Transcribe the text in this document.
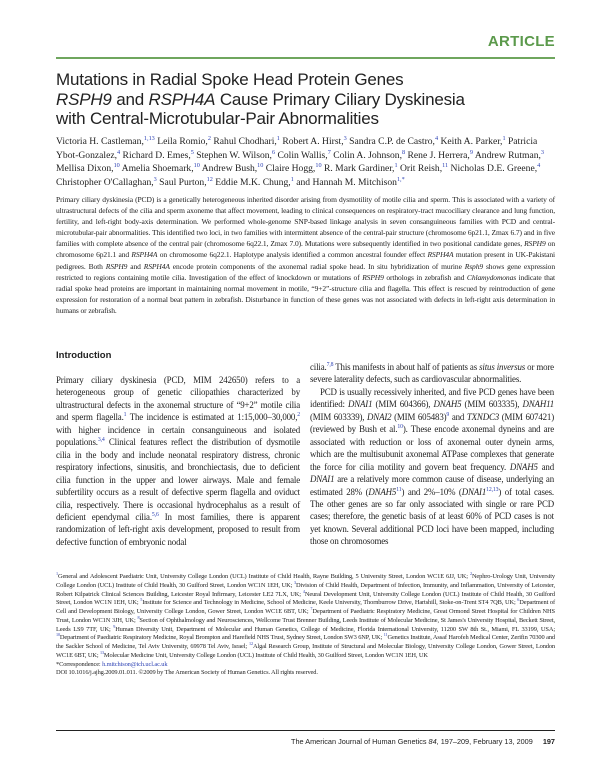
ARTICLE
Mutations in Radial Spoke Head Protein Genes
RSPH9 and RSPH4A Cause Primary Ciliary Dyskinesia
with Central-Microtubular-Pair Abnormalities
Victoria H. Castleman,$^{1,13}$ Leila Romio,$^2$ Rahul Chodhari,$^1$ Robert A. Hirst,$^3$ Sandra C.P. de Castro,$^4$ Keith A. Parker,$^1$ Patricia Ybot-Gonzalez,$^4$ Richard D. Emes,$^5$ Stephen W. Wilson,$^6$ Colin Wallis,$^7$ Colin A. Johnson,$^8$ Rene J. Herrera,$^9$ Andrew Rutman,$^3$ Mellisa Dixon,$^{10}$ Amelia Shoemark,$^{10}$ Andrew Bush,$^{10}$ Claire Hogg,$^{10}$ R. Mark Gardiner,$^1$ Orit Reish,$^{11}$ Nicholas D.E. Greene,$^4$ Christopher O'Callaghan,$^3$ Saul Purton,$^{12}$ Eddie M.K. Chung,$^1$ and Hannah M. Mitchison$^{1,*}$
Primary ciliary dyskinesia (PCD) is a genetically heterogeneous inherited disorder arising from dysmotility of motile cilia and sperm. This is associated with a variety of ultrastructural defects of the cilia and sperm axoneme that affect movement, leading to clinical consequences on respiratory-tract mucociliary clearance and lung function, fertility, and left-right body-axis determination. We performed whole-genome SNP-based linkage analysis in seven consanguineous families with PCD and central-microtubular-pair abnormalities. This identified two loci, in two families with intermittent absence of the central-pair structure (chromosome 6p21.1, Zmax 6.7) and in five families with complete absence of the central pair (chromosome 6q22.1, Zmax 7.0). Mutations were subsequently identified in two positional candidate genes, RSPH9 on chromosome 6p21.1 and RSPH4A on chromosome 6q22.1. Haplotype analysis identified a common ancestral founder effect RSPH4A mutation present in UK-Pakistani pedigrees. Both RSPH9 and RSPH4A encode protein components of the axonemal radial spoke head. In situ hybridization of murine Rsph9 shows gene expression restricted to regions containing motile cilia. Investigation of the effect of knockdown or mutations of RSPH9 orthologs in zebrafish and Chlamydomonas indicate that radial spoke head proteins are important in maintaining normal movement in motile, “9+2”-structure cilia and flagella. This effect is rescued by reintroduction of gene expression for restoration of a normal beat pattern in zebrafish. Disturbance in function of these genes was not associated with defects in left-right axis determination in humans or zebrafish.
Introduction

Primary ciliary dyskinesia (PCD, MIM 242650) refers to a heterogeneous group of genetic ciliopathies characterized by ultrastructural defects in the axonemal structure of “9+2” motile cilia and sperm flagella.$^1$ The incidence is estimated at 1:15,000–30,000,$^2$ with higher incidence in certain consanguineous and isolated populations.$^{3,4}$ Clinical features reflect the distribution of dysmotile cilia in the body and include neonatal respiratory distress, chronic respiratory infections, sinusitis, and bronchiectasis, due to deficient cilia function in the upper and lower airways. Male and female subfertility occurs as a result of defective sperm flagella and oviduct cilia, respectively. There is occasional hydrocephalus as a result of deficient ependymal cilia.$^{5,6}$ In most families, there is apparent randomization of left-right axis development, proposed to result from defective function of embryonic nodal

cilia.$^{7,8}$ This manifests in about half of patients as situs inversus or more severe laterality defects, such as cardiovascular abnormalities.

PCD is usually recessively inherited, and five PCD genes have been identified: DNAI1 (MIM 604366), DNAH5 (MIM 603335), DNAH11 (MIM 603339), DNAI2 (MIM 605483)$^9$ and TXNDC3 (MIM 607421) (reviewed by Bush et al.$^{10}$). These encode axonemal dyneins and are associated with reduction or loss of axonemal outer dynein arms, which are the multisubunit axonemal ATPase complexes that generate the force for cilia motility and govern beat frequency. DNAH5 and DNAI1 are a relatively more common cause of disease, underlying an estimated 28% $(DNAH5^{11})$ and 2%–10% (DNAI1$^{12,13}$) of total cases. The other genes are so far only associated with single or rare PCD cases; therefore, the genetic basis of at least 60% of PCD cases is not yet known. Several additional PCD loci have been mapped, including those on chromosomes

$^1$General and Adolescent Paediatric Unit, University College London (UCL) Institute of Child Health, Rayne Building, 5 University Street, London WC1E 6JJ, UK; $^2$Nephro-Urology Unit, University College London (UCL) Institute of Child Health, 30 Guilford Street, London WC1N 1EH, UK; $^3$Division of Child Health, Department of Infection, Immunity, and Inflammation, University of Leicester, Robert Kilpatrick Clinical Sciences Building, Leicester Royal Infirmary, Leicester LE2 7LX, UK; $^4$Neural Development Unit, University College London (UCL) Institute of Child Health, 30 Guilford Street, London WC1N 1EH, UK; $^5$Institute for Science and Technology in Medicine, School of Medicine, Keele University, Thornburrow Drive, Hartshill, Stoke-on-Trent ST4 7QB, UK; $^6$Department of Cell and Development Biology, University College London, Gower Street, London WC1E 6BT, UK; $^7$Department of Paediatric Respiratory Medicine, Great Ormond Street Hospital for Children NHS Trust, London WC1N 3JH, UK; $^8$Section of Ophthalmology and Neurosciences, Wellcome Trust Brenner Building, Leeds Institute of Molecular Medicine, St James's University Hospital, Beckett Street, Leeds LS9 7TF, UK; $^9$Human Diversity Unit, Department of Molecular and Human Genetics, College of Medicine, Florida International University, 11200 SW 8th St., Miami, FL 33199, USA; $^{10}$Department of Paediatric Respiratory Medicine, Royal Brompton and Harefield NHS Trust, Sydney Street, London SW3 6NP, UK; $^{11}$Genetics Institute, Assaf Harofeh Medical Center, Zerifin 70300 and the Sackler School of Medicine, Tel Aviv University, 69978 Tel Aviv, Israel; $^{12}$Algal Research Group, Institute of Structural and Molecular Biology, University College London, Gower Street, London WC1E 6BT, UK; $^{13}$Molecular Medicine Unit, University College London (UCL) Institute of Child Health, 30 Guilford Street, London WC1N 1EH, UK

*Correspondence: h.mitchison@ich.ucl.ac.uk

DOI 10.1016/j.ajhg.2009.01.011. ©2009 by The American Society of Human Genetics. All rights reserved.

The American Journal of Human Genetics 84, 197–209, February 13, 2009 197
